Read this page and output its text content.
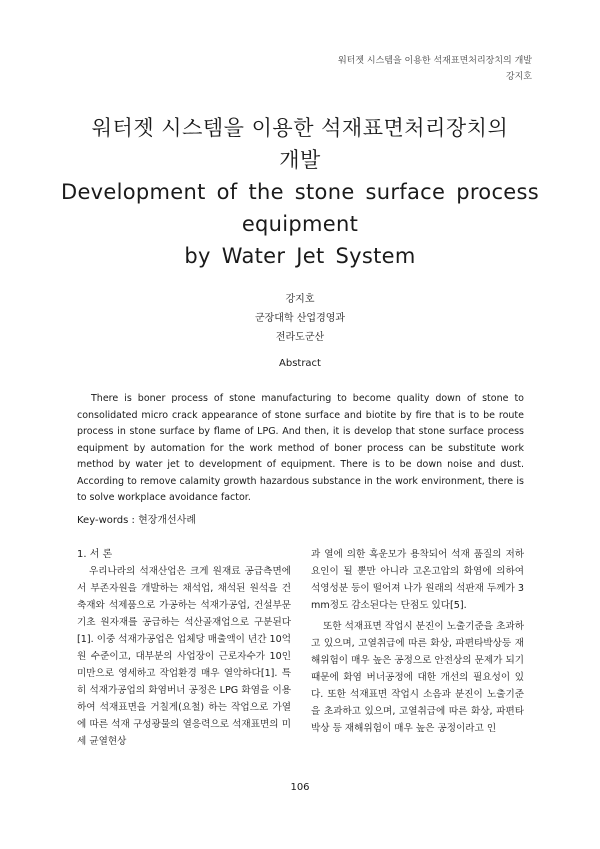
워터젯 시스템을 이용한 석재표면처리장치의 개발
강지호
워터젯 시스템을 이용한 석재표면처리장치의
개발
Development of the stone surface process
equipment
by Water Jet System
강지호
군장대학 산업경영과
전라도군산
Abstract

There is boner process of stone manufacturing to become quality down of stone to consolidated micro crack appearance of stone surface and biotite by fire that is to be route process in stone surface by flame of LPG. And then, it is develop that stone surface process equipment by automation for the work method of boner process can be substitute work method by water jet to development of equipment. There is to be down noise and dust. According to remove calamity growth hazardous substance in the work environment, there is to solve workplace avoidance factor.

Key-words : 현장개선사례
1. 서 론

우리나라의 석재산업은 크게 원재료 공급측면에서 부존자원을 개발하는 채석업, 채석된 원석을 건축재와 석제품으로 가공하는 석재가공업, 건설부문 기초 원자재를 공급하는 석산골재업으로 구분된다[1]. 이중 석재가공업은 업체당 매출액이 년간 10억원 수준이고, 대부분의 사업장이 근로자수가 10인 미만으로 영세하고 작업환경 매우 열악하다[1]. 특히 석재가공업의 화염버너 공정은 LPG 화염을 이용하여 석재표면을 거칠게(요철) 하는 작업으로 가열에 따른 석재 구성광물의 열응력으로 석재표면의 미세 균열현상

과 열에 의한 흑운모가 용착되어 석재 품질의 저하 요인이 될 뿐만 아니라 고온고압의 화염에 의하여 석영성분 등이 떨어져 나가 원래의 석판재 두께가 3 mm정도 감소된다는 단점도 있다[5].

또한 석재표면 작업시 분진이 노출기준을 초과하고 있으며, 고열취급에 따른 화상, 파편타박상등 재해위험이 매우 높은 공정으로 안전상의 문제가 되기 때문에 화염 버너공정에 대한 개선의 필요성이 있다. 또한 석재표면 작업시 소음과 분진이 노출기준을 초과하고 있으며, 고열취급에 따른 화상, 파편타박상 등 재해위험이 매우 높은 공정이라고 인

106
